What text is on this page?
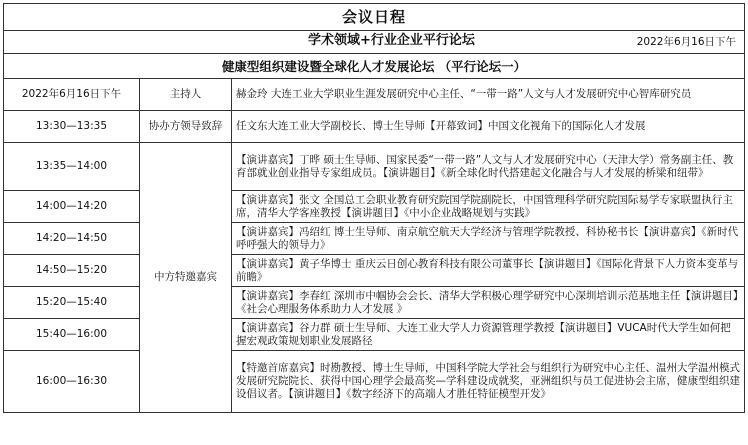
会议日程		

学术领域+行业企业平行论坛 2022年6月16日下午		

健康型组织建设暨全球化人才发展论坛 （平行论坛一）		
2022年6月16日下午	主持人	赫金玲 大连工业大学职业生涯发展研究中心主任、“一带一路”人文与人才发展研究中心智库研究员
13:30—13:35	协办方领导致辞	任文东大连工业大学副校长、博士生导师【开幕致词】中国文化视角下的国际化人才发展
13:35—14:00	中方特邀嘉宾	【演讲嘉宾】丁晔 硕士生导师、国家民委“一带一路”人文与人才发展研究中心（天津大学）常务副主任、教育部就业创业指导专家组成员。【演讲题目】《新全球化时代搭建起文化融合与人才发展的桥梁和纽带》
14:00—14:20		【演讲嘉宾】张文 全国总工会职业教育研究院国学院副院长，中国管理科学研究院国际易学专家联盟执行主席，清华大学客座教授【演讲题目】《中小企业战略规划与实践》
14:20—14:50		【演讲嘉宾】冯绍红 博士生导师、南京航空航天大学经济与管理学院教授、科协秘书长【演讲嘉宾】《新时代呼呼强大的领导力》
14:50—15:20		【演讲嘉宾】黄子华博士 重庆云日创心教育科技有限公司董事长【演讲题目】《国际化背景下人力资本变革与前瞻》
15:20—15:40		【演讲嘉宾】李春红 深圳市中帼协会会长、清华大学积极心理学研究中心深圳培训示范基地主任【演讲题目】《社会心理服务体系助力人才发展 》
15:40—16:00		【演讲嘉宾】谷力群 硕士生导师、大连工业大学人力资源管理学教授【演讲题目】VUCA时代大学生如何把握宏观政策规划职业发展路径
16:00—16:30		【特邀首席嘉宾】时勘教授、博士生导师，中国科学院大学社会与组织行为研究中心主任、温州大学温州模式发展研究院院长、获得中国心理学会最高奖—学科建设成就奖，亚洲组织与员工促进协会主席，健康型组织建设倡议者。【演讲题目】《数字经济下的高端人才胜任特征模型开发》
